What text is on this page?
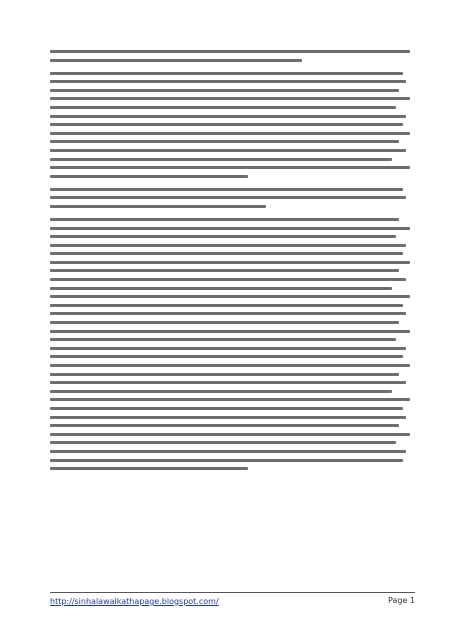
http://sinhalawalkathapage.blogspot.com/	Page 1
